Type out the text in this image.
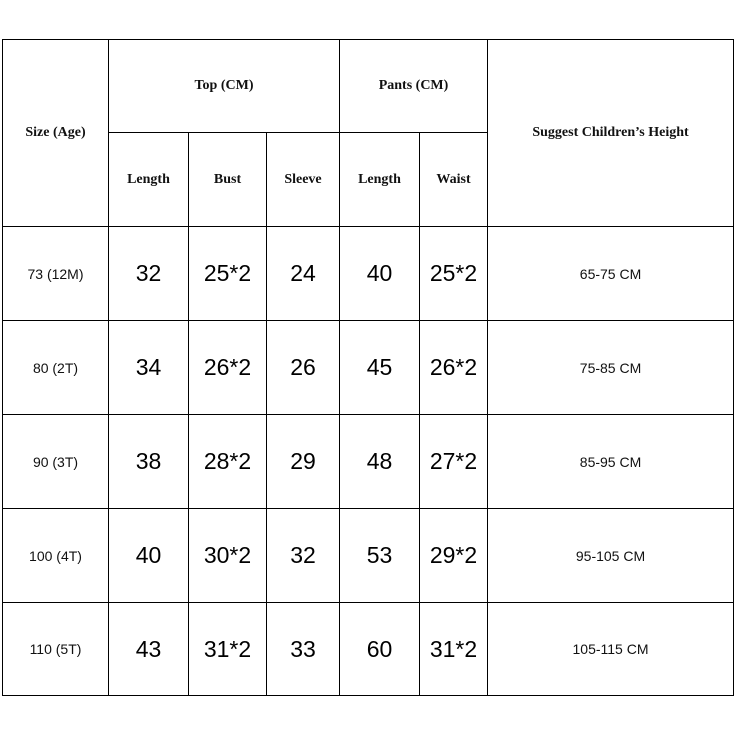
Size (Age)	Top (CM)			Pants (CM)		Suggest Children’s Height
	Length	Bust	Sleeve	Length	Waist	
73 (12M)	32	25*2	24	40	25*2	65-75 CM
80 (2T)	34	26*2	26	45	26*2	75-85 CM
90 (3T)	38	28*2	29	48	27*2	85-95 CM
100 (4T)	40	30*2	32	53	29*2	95-105 CM
110 (5T)	43	31*2	33	60	31*2	105-115 CM
